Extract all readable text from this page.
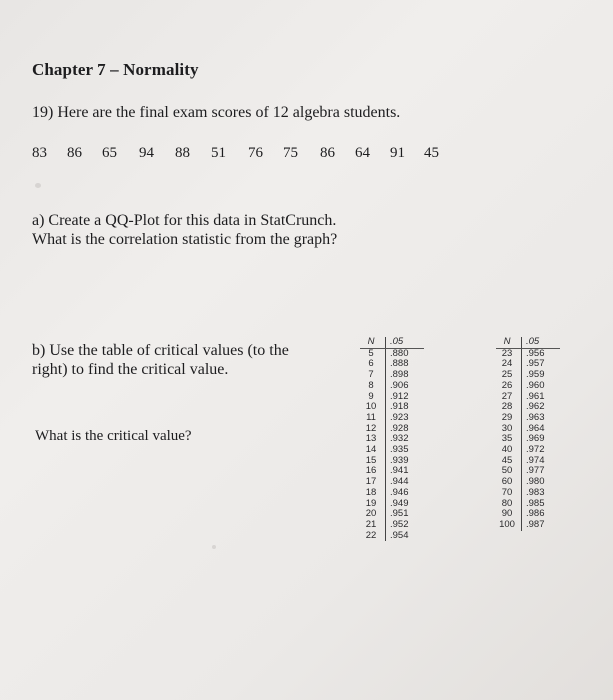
Chapter 7 – Normality
19) Here are the final exam scores of 12 algebra students.
83 86 65 94 88 51 76 75 86 64 91 45
a) Create a QQ-Plot for this data in StatCrunch.
What is the correlation statistic from the graph?
b) Use the table of critical values (to the
right) to find the critical value.
What is the critical value?
N	.05
5	.880
6	.888
7	.898
8	.906
9	.912
10	.918
11	.923
12	.928
13	.932
14	.935
15	.939
16	.941
17	.944
18	.946
19	.949
20	.951
21	.952
22	.954
N	.05
23	.956
24	.957
25	.959
26	.960
27	.961
28	.962
29	.963
30	.964
35	.969
40	.972
45	.974
50	.977
60	.980
70	.983
80	.985
90	.986
100	.987
